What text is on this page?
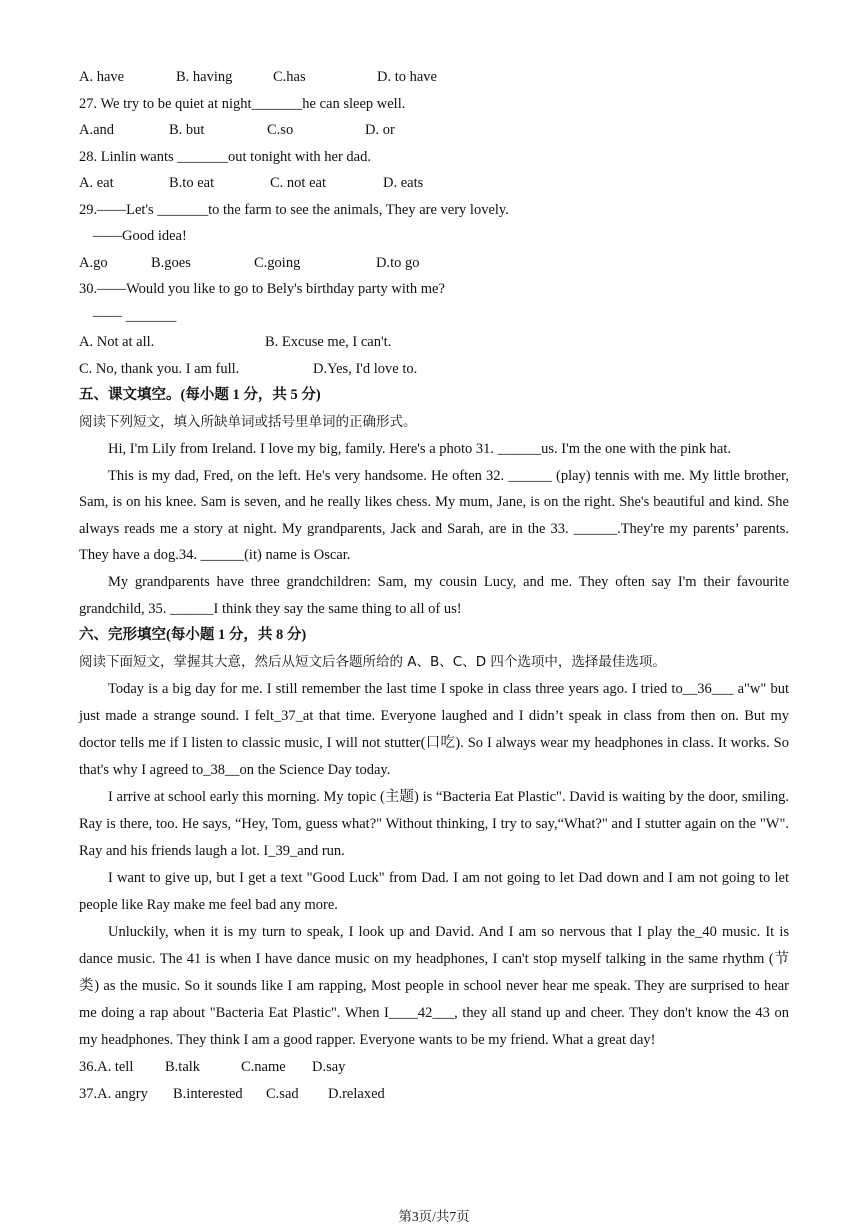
A. have	B. having	C.has	D. to have
27. We try to be quiet at night_______he can sleep well.
A.and	B. but	C.so	D. or
28. Linlin wants _______out tonight with her dad.
A. eat	B.to eat	C. not eat	D. eats
29.——Let's _______to the farm to see the animals, They are very lovely.
——Good idea!
A.go	B.goes	C.going	D.to go
30.——Would you like to go to Bely's birthday party with me?
—— _______
A. Not at all.	B. Excuse me, I can't.
C. No, thank you. I am full.	D.Yes, I'd love to.
五、课文填空。(每小题 1 分，共 5 分)
阅读下列短文，填入所缺单词或括号里单词的正确形式。

Hi, I'm Lily from Ireland. I love my big, family. Here's a photo 31. ______us. I'm the one with the pink hat.

This is my dad, Fred, on the left. He's very handsome. He often 32. ______ (play) tennis with me. My little brother, Sam, is on his knee. Sam is seven, and he really likes chess. My mum, Jane, is on the right. She's beautiful and kind. She always reads me a story at night. My grandparents, Jack and Sarah, are in the 33. ______.They're my parents’ parents. They have a dog.34. ______(it) name is Oscar.

My grandparents have three grandchildren: Sam, my cousin Lucy, and me. They often say I'm their favourite grandchild, 35. ______I think they say the same thing to all of us!

六、完形填空(每小题 1 分，共 8 分)
阅读下面短文，掌握其大意，然后从短文后各题所给的 A、B、C、D 四个选项中，选择最佳选项。

Today is a big day for me. I still remember the last time I spoke in class three years ago. I tried to__36___ a"w" but just made a strange sound. I felt_37_at that time. Everyone laughed and I didn’t speak in class from then on. But my doctor tells me if I listen to classic music, I will not stutter(口吃). So I always wear my headphones in class. It works. So that's why I agreed to_38__on the Science Day today.

I arrive at school early this morning. My topic (主题) is “Bacteria Eat Plastic". David is waiting by the door, smiling. Ray is there, too. He says, “Hey, Tom, guess what?" Without thinking, I try to say,“What?" and I stutter again on the "W". Ray and his friends laugh a lot. I_39_and run.

I want to give up, but I get a text "Good Luck" from Dad. I am not going to let Dad down and I am not going to let people like Ray make me feel bad any more.

Unluckily, when it is my turn to speak, I look up and David. And I am so nervous that I play the_40 music. It is dance music. The 41 is when I have dance music on my headphones, I can't stop myself talking in the same rhythm (节类) as the music. So it sounds like I am rapping, Most people in school never hear me speak. They are surprised to hear me doing a rap about "Bacteria Eat Plastic". When I____42___, they all stand up and cheer. They don't know the 43 on my headphones. They think I am a good rapper. Everyone wants to be my friend. What a great day!

36.A. tell B.talk	C.name D.say
37.A. angry B.interested C.sad D.relaxed
第3页/共7页
